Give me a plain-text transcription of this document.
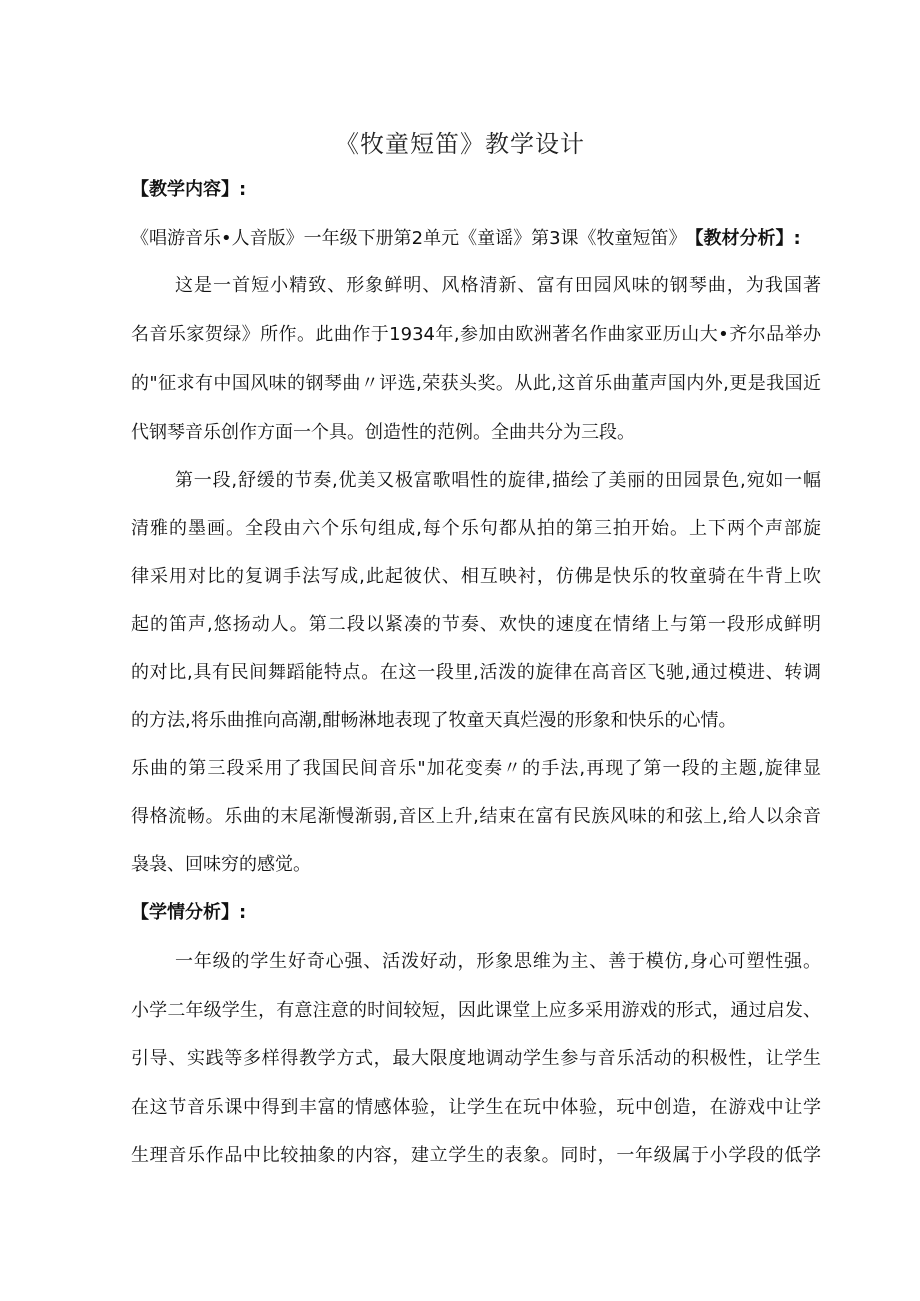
《牧童短笛》教学设计
【教学内容】:
《唱游音乐•人音版》一年级下册第2单元《童谣》第3课《牧童短笛》 【教材分析】:
这是一首短小精致、形象鲜明、风格清新、富有田园风味的钢琴曲，为我国著
名音乐家贺绿》所作。此曲作于1934年,参加由欧洲著名作曲家亚历山大•齐尔品举办
的"征求有中国风味的钢琴曲〃评选,荣获头奖。从此,这首乐曲董声国内外,更是我国近
代钢琴音乐创作方面一个具。创造性的范例。全曲共分为三段。
第一段,舒缓的节奏,优美又极富歌唱性的旋律,描绘了美丽的田园景色,宛如一幅
清雅的墨画。全段由六个乐句组成,每个乐句都从拍的第三拍开始。上下两个声部旋
律采用对比的复调手法写成,此起彼伏、相互映衬，仿佛是快乐的牧童骑在牛背上吹
起的笛声,悠扬动人。第二段以紧凑的节奏、欢快的速度在情绪上与第一段形成鲜明
的对比,具有民间舞蹈能特点。在这一段里,活泼的旋律在高音区飞驰,通过模进、转调
的方法,将乐曲推向高潮,酣畅淋地表现了牧童天真烂漫的形象和快乐的心情。
乐曲的第三段采用了我国民间音乐"加花变奏〃的手法,再现了第一段的主题,旋律显
得格流畅。乐曲的末尾渐慢渐弱,音区上升,结束在富有民族风味的和弦上,给人以余音
袅袅、回味穷的感觉。
【学情分析】:
一年级的学生好奇心强、活泼好动，形象思维为主、善于模仿,身心可塑性强。
小学二年级学生，有意注意的时间较短，因此课堂上应多采用游戏的形式，通过启发、
引导、实践等多样得教学方式，最大限度地调动学生参与音乐活动的积极性，让学生
在这节音乐课中得到丰富的情感体验，让学生在玩中体验，玩中创造，在游戏中让学
生理音乐作品中比较抽象的内容，建立学生的表象。同时，一年级属于小学段的低学
